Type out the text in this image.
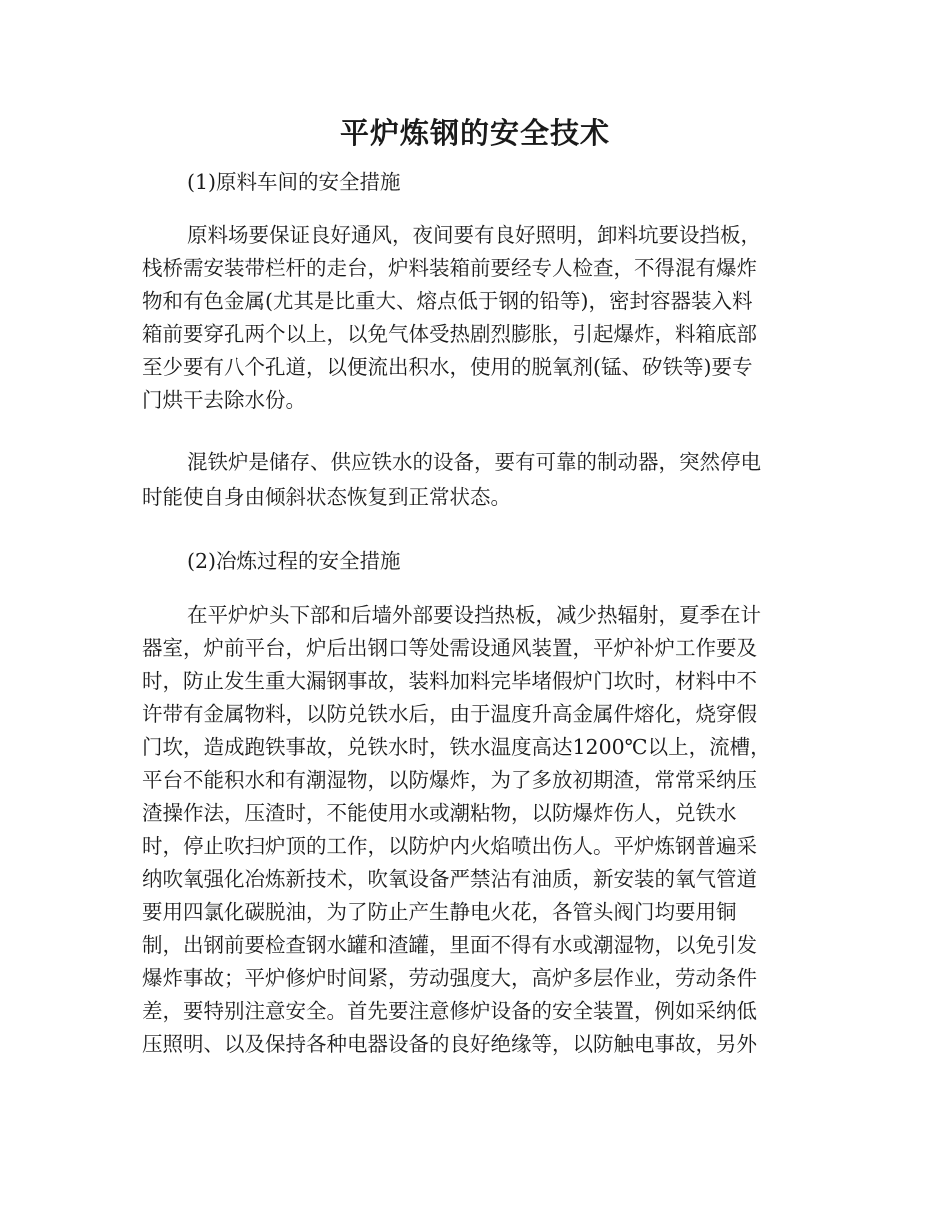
平炉炼钢的安全技术
(1)原料车间的安全措施
原料场要保证良好通风，夜间要有良好照明，卸料坑要设挡板，
栈桥需安装带栏杆的走台，炉料装箱前要经专人检查，不得混有爆炸
物和有色金属(尤其是比重大、熔点低于钢的铅等)，密封容器装入料
箱前要穿孔两个以上，以免气体受热剧烈膨胀，引起爆炸，料箱底部
至少要有八个孔道，以便流出积水，使用的脱氧剂(锰、矽铁等)要专
门烘干去除水份。
混铁炉是储存、供应铁水的设备，要有可靠的制动器，突然停电
时能使自身由倾斜状态恢复到正常状态。
(2)冶炼过程的安全措施
在平炉炉头下部和后墙外部要设挡热板，减少热辐射，夏季在计
器室，炉前平台，炉后出钢口等处需设通风装置，平炉补炉工作要及
时，防止发生重大漏钢事故，装料加料完毕堵假炉门坎时，材料中不
许带有金属物料，以防兑铁水后，由于温度升高金属件熔化，烧穿假
门坎，造成跑铁事故，兑铁水时，铁水温度高达1200℃以上，流槽，
平台不能积水和有潮湿物，以防爆炸，为了多放初期渣，常常采纳压
渣操作法，压渣时，不能使用水或潮粘物，以防爆炸伤人，兑铁水
时，停止吹扫炉顶的工作，以防炉内火焰喷出伤人。平炉炼钢普遍采
纳吹氧强化冶炼新技术，吹氧设备严禁沾有油质，新安装的氧气管道
要用四氯化碳脱油，为了防止产生静电火花，各管头阀门均要用铜
制，出钢前要检查钢水罐和渣罐，里面不得有水或潮湿物，以免引发
爆炸事故；平炉修炉时间紧，劳动强度大，高炉多层作业，劳动条件
差，要特别注意安全。首先要注意修炉设备的安全装置，例如采纳低
压照明、以及保持各种电器设备的良好绝缘等，以防触电事故，另外
